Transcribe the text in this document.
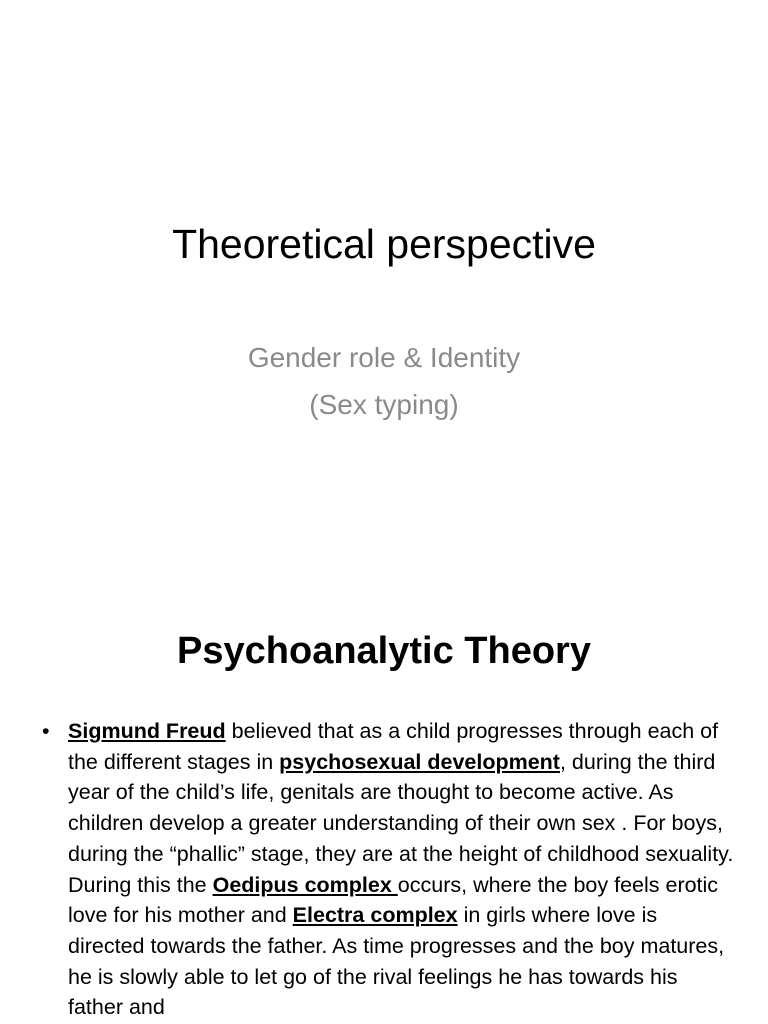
Theoretical perspective
Gender role & Identity
(Sex typing)
Psychoanalytic Theory
• Sigmund Freud believed that as a child progresses through each of the different stages in psychosexual development, during the third year of the child’s life, genitals are thought to become active. As children develop a greater understanding of their own sex . For boys, during the “phallic” stage, they are at the height of childhood sexuality. During this the Oedipus complex occurs, where the boy feels erotic love for his mother and Electra complex in girls where love is directed towards the father. As time progresses and the boy matures, he is slowly able to let go of the rival feelings he has towards his father and
